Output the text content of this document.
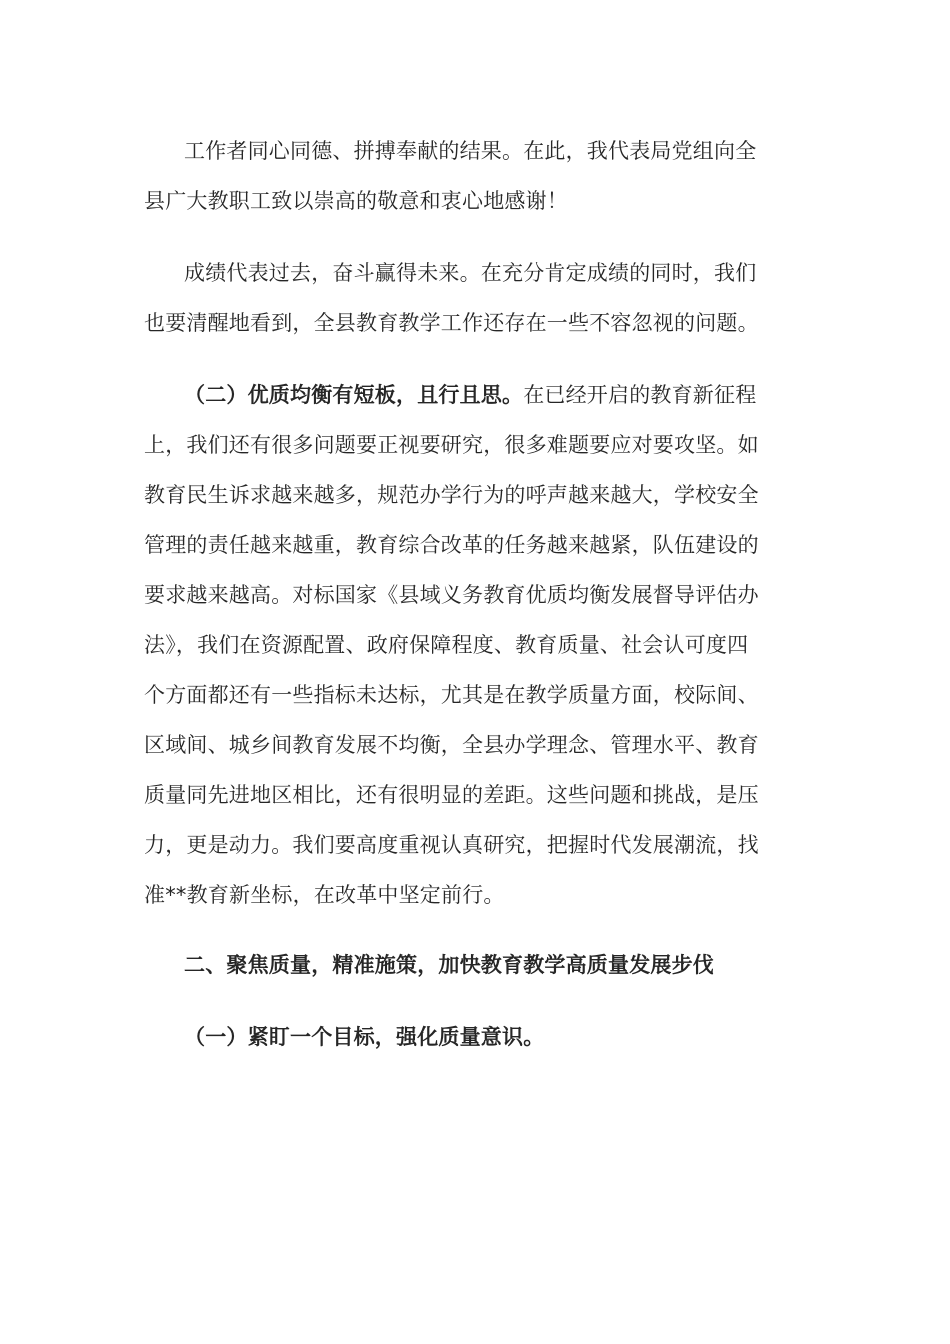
工作者同心同德、拼搏奉献的结果。在此，我代表局党组向全
县广大教职工致以崇高的敬意和衷心地感谢！
成绩代表过去，奋斗赢得未来。在充分肯定成绩的同时，我们
也要清醒地看到，全县教育教学工作还存在一些不容忽视的问题。
（二）优质均衡有短板，且行且思。在已经开启的教育新征程
上，我们还有很多问题要正视要研究，很多难题要应对要攻坚。如
教育民生诉求越来越多，规范办学行为的呼声越来越大，学校安全
管理的责任越来越重，教育综合改革的任务越来越紧，队伍建设的
要求越来越高。对标国家《县域义务教育优质均衡发展督导评估办
法》，我们在资源配置、政府保障程度、教育质量、社会认可度四
个方面都还有一些指标未达标，尤其是在教学质量方面，校际间、
区域间、城乡间教育发展不均衡，全县办学理念、管理水平、教育
质量同先进地区相比，还有很明显的差距。这些问题和挑战，是压
力，更是动力。我们要高度重视认真研究，把握时代发展潮流，找
准**教育新坐标，在改革中坚定前行。
二、聚焦质量，精准施策，加快教育教学高质量发展步伐
（一）紧盯一个目标，强化质量意识。
